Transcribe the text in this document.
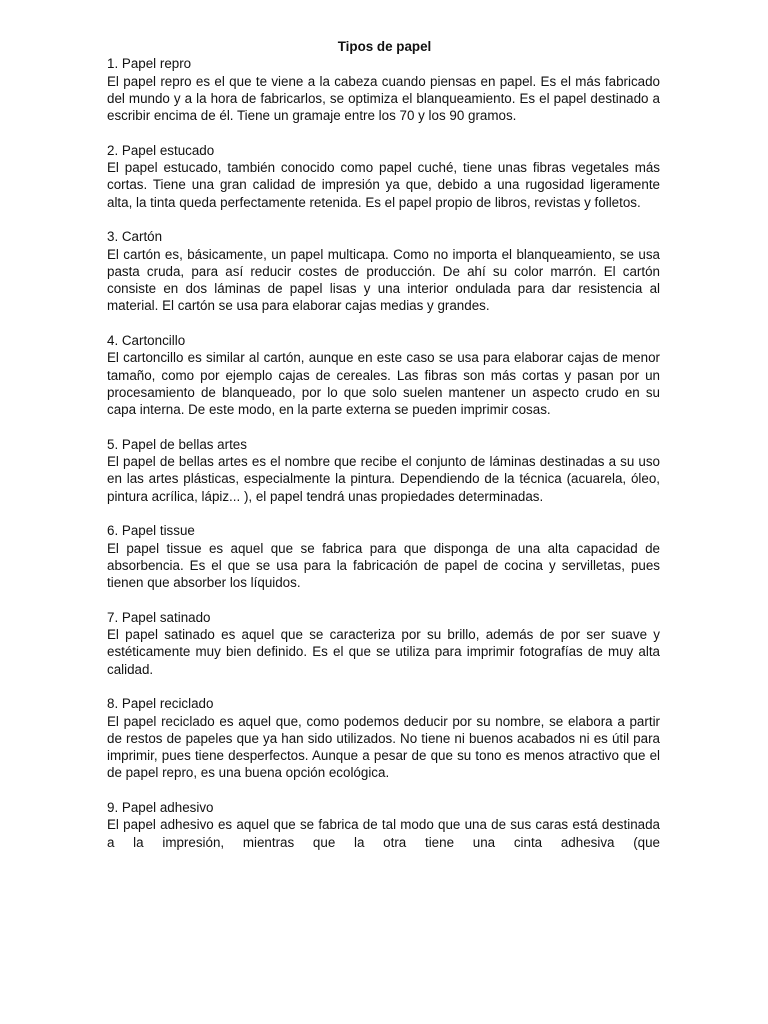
Tipos de papel

1. Papel repro

El papel repro es el que te viene a la cabeza cuando piensas en papel. Es el más fabricado del mundo y a la hora de fabricarlos, se optimiza el blanqueamiento. Es el papel destinado a escribir encima de él. Tiene un gramaje entre los 70 y los 90 gramos.

2. Papel estucado

El papel estucado, también conocido como papel cuché, tiene unas fibras vegetales más cortas. Tiene una gran calidad de impresión ya que, debido a una rugosidad ligeramente alta, la tinta queda perfectamente retenida. Es el papel propio de libros, revistas y folletos.

3. Cartón

El cartón es, básicamente, un papel multicapa. Como no importa el blanqueamiento, se usa pasta cruda, para así reducir costes de producción. De ahí su color marrón. El cartón consiste en dos láminas de papel lisas y una interior ondulada para dar resistencia al material. El cartón se usa para elaborar cajas medias y grandes.

4. Cartoncillo

El cartoncillo es similar al cartón, aunque en este caso se usa para elaborar cajas de menor tamaño, como por ejemplo cajas de cereales. Las fibras son más cortas y pasan por un procesamiento de blanqueado, por lo que solo suelen mantener un aspecto crudo en su capa interna. De este modo, en la parte externa se pueden imprimir cosas.

5. Papel de bellas artes

El papel de bellas artes es el nombre que recibe el conjunto de láminas destinadas a su uso en las artes plásticas, especialmente la pintura. Dependiendo de la técnica (acuarela, óleo, pintura acrílica, lápiz... ), el papel tendrá unas propiedades determinadas.

6. Papel tissue

El papel tissue es aquel que se fabrica para que disponga de una alta capacidad de absorbencia. Es el que se usa para la fabricación de papel de cocina y servilletas, pues tienen que absorber los líquidos.

7. Papel satinado

El papel satinado es aquel que se caracteriza por su brillo, además de por ser suave y estéticamente muy bien definido. Es el que se utiliza para imprimir fotografías de muy alta calidad.

8. Papel reciclado

El papel reciclado es aquel que, como podemos deducir por su nombre, se elabora a partir de restos de papeles que ya han sido utilizados. No tiene ni buenos acabados ni es útil para imprimir, pues tiene desperfectos. Aunque a pesar de que su tono es menos atractivo que el de papel repro, es una buena opción ecológica.

9. Papel adhesivo

El papel adhesivo es aquel que se fabrica de tal modo que una de sus caras está destinada a la impresión, mientras que la otra tiene una cinta adhesiva (que
